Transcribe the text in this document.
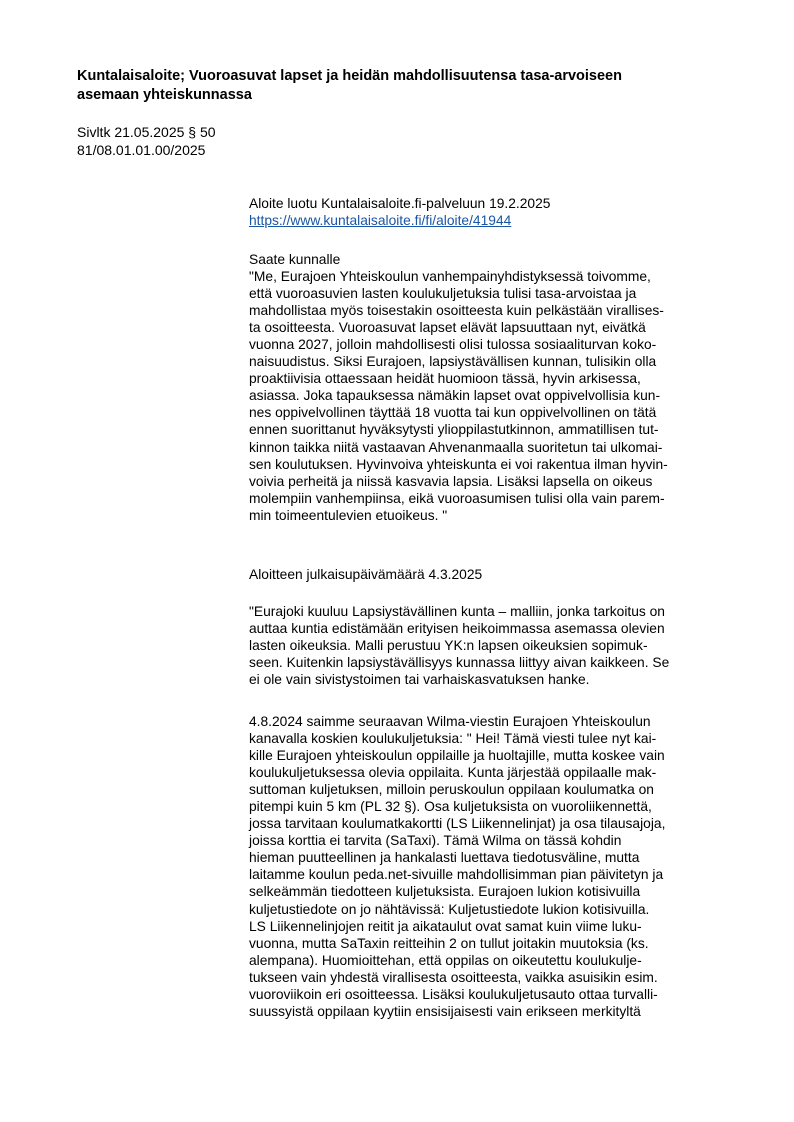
Kuntalaisaloite; Vuoroasuvat lapset ja heidän mahdollisuutensa tasa-arvoiseen
asemaan yhteiskunnassa
Sivltk 21.05.2025 § 50
81/08.01.01.00/2025
Aloite luotu Kuntalaisaloite.fi-palveluun 19.2.2025
https://www.kuntalaisaloite.fi/fi/aloite/41944
Saate kunnalle
"Me, Eurajoen Yhteiskoulun vanhempainyhdistyksessä toivomme,
että vuoroasuvien lasten koulukuljetuksia tulisi tasa-arvoistaa ja
mahdollistaa myös toisestakin osoitteesta kuin pelkästään virallises-
ta osoitteesta. Vuoroasuvat lapset elävät lapsuuttaan nyt, eivätkä
vuonna 2027, jolloin mahdollisesti olisi tulossa sosiaaliturvan koko-
naisuudistus. Siksi Eurajoen, lapsiystävällisen kunnan, tulisikin olla
proaktiivisia ottaessaan heidät huomioon tässä, hyvin arkisessa,
asiassa. Joka tapauksessa nämäkin lapset ovat oppivelvollisia kun-
nes oppivelvollinen täyttää 18 vuotta tai kun oppivelvollinen on tätä
ennen suorittanut hyväksytysti ylioppilastutkinnon, ammatillisen tut-
kinnon taikka niitä vastaavan Ahvenanmaalla suoritetun tai ulkomai-
sen koulutuksen. Hyvinvoiva yhteiskunta ei voi rakentua ilman hyvin-
voivia perheitä ja niissä kasvavia lapsia. Lisäksi lapsella on oikeus
molempiin vanhempiinsa, eikä vuoroasumisen tulisi olla vain parem-
min toimeentulevien etuoikeus. "
Aloitteen julkaisupäivämäärä 4.3.2025
"Eurajoki kuuluu Lapsiystävällinen kunta – malliin, jonka tarkoitus on
auttaa kuntia edistämään erityisen heikoimmassa asemassa olevien
lasten oikeuksia. Malli perustuu YK:n lapsen oikeuksien sopimuk-
seen. Kuitenkin lapsiystävällisyys kunnassa liittyy aivan kaikkeen. Se
ei ole vain sivistystoimen tai varhaiskasvatuksen hanke.
4.8.2024 saimme seuraavan Wilma-viestin Eurajoen Yhteiskoulun
kanavalla koskien koulukuljetuksia: " Hei! Tämä viesti tulee nyt kai-
kille Eurajoen yhteiskoulun oppilaille ja huoltajille, mutta koskee vain
koulukuljetuksessa olevia oppilaita. Kunta järjestää oppilaalle mak-
suttoman kuljetuksen, milloin peruskoulun oppilaan koulumatka on
pitempi kuin 5 km (PL 32 §). Osa kuljetuksista on vuoroliikennettä,
jossa tarvitaan koulumatkakortti (LS Liikennelinjat) ja osa tilausajoja,
joissa korttia ei tarvita (SaTaxi). Tämä Wilma on tässä kohdin
hieman puutteellinen ja hankalasti luettava tiedotusväline, mutta
laitamme koulun peda.net-sivuille mahdollisimman pian päivitetyn ja
selkeämmän tiedotteen kuljetuksista. Eurajoen lukion kotisivuilla
kuljetustiedote on jo nähtävissä: Kuljetustiedote lukion kotisivuilla.
LS Liikennelinjojen reitit ja aikataulut ovat samat kuin viime luku-
vuonna, mutta SaTaxin reitteihin 2 on tullut joitakin muutoksia (ks.
alempana). Huomioittehan, että oppilas on oikeutettu koulukulje-
tukseen vain yhdestä virallisesta osoitteesta, vaikka asuisikin esim.
vuoroviikoin eri osoitteessa. Lisäksi koulukuljetusauto ottaa turvalli-
suussyistä oppilaan kyytiin ensisijaisesti vain erikseen merkityltä
